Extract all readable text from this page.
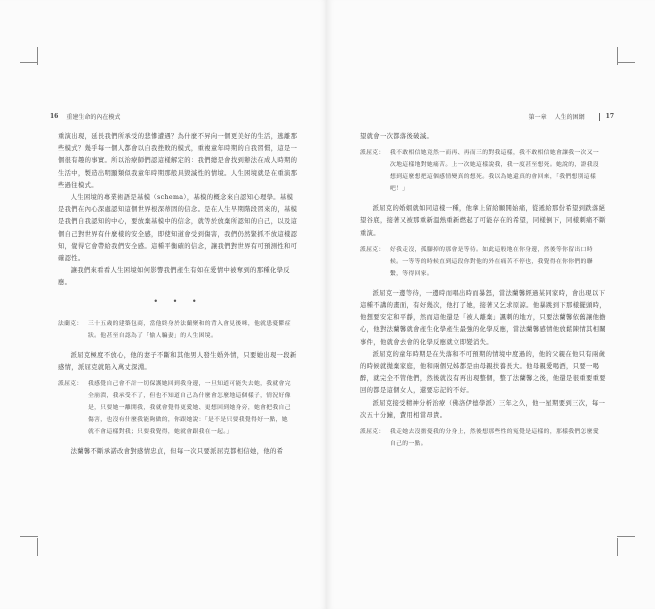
16 重建生命的內在模式

重演出現，延長我們所承受的悲慘遭遇？為什麼不昇向一個更美好的生活，逃離那些模式？幾乎每一個人都會以自我挫敗的模式，重複童年時期的自我習慣，這是一個很有趣的事實。所以治療師們認這樣解定的：我們總是會找到辦法在成人時期的生活中，製造出明顯類似我童年時期那般具毀滅性的情境。人生困境就是在重演那些過往模式。

人生困境的專業術語是基模（schema），基模的概念來自認知心理學。基模是我們在內心深處認知這個世界根深蒂固的信念。是在人生早期階段習來的，基模是我們自我認知的中心，要放棄基模中的信念，就等於放棄所認知的自己，以及這個自己對世界有什麼樣的安全感，即使知道會受到傷害，我們仍然緊抓不放這樣認知，覺得它會帶給我們安全感。這種平衡確的信念，讓我們對世界有可預測性和可確認性。

讓我們來看看人生困境如何影響我們產生有如在愛情中被奪到的那種化學反應。

• • •
法蘭克： 三十五歲的建築包商，當他終身於法蘭聚和的背入會見後咪，他就患憂鬱症狀。他甚至自認為了「愉人騙妻」的人生困境。

派屈克極度不放心，他的妻子不斷和其他男人發生婚外情，只要她出現一段新感情，派屈克就陷入萬丈深淵。

派屈克： 我感覺自己會不計一切保護她回到我身邊，一旦知道可能失去她，我就會完全崩潰，我承受不了，但也不知道自己為什麼會怎麼地這個樣子，情況好像是，只要她一離開我，我就會覺得更愛她、更想回到她身旁，她會把我自己傷害，也沒有什麼我能夠做的，你跟她說：「是不是只要我覺得好一點，她就不會這樣對我；只要我覺得，她就會跟我在一起。」

法蘭馨不斷承諾改會對感情忠貞，但每一次只要派屈克都相信她，他的希

第一章 人生的困網	17

望就會一次都落後破滅。

派屈克： 我不敢相信她竟然一而再、再而三的對我這樣，我不敢相信她會讓我一次又一次地這樣地對她痛苦。上一次她這樣說我，我一度甚至想死。她說的，證我沒想到這麼想把這個感情變真的想死。我以為她還真的會回來，「我們想別這樣吧！」

派屈克的婚姻就如同這樣一種，他拿上留給願開始痛，從遞給那份希望到跌落絕望谷底，接著又被那重新溫熱重新燃起了可能存在的希望，同樣倒下，同樣刺痛不斷重演。

派屈克： 好我走沒，孤腳掉的那會是等待。如此這般地在你身邊，然後等你留出口時候。一等等的時候直到這段你對他的外在痛苦不停也，我覺得在你你們的聯繫，等得回家。

派屈克一邊等待，一邊時而唱出時而暴怒，當法蘭馨經過某同家時，會出現以下這種不講的畫面，有好幾次，他打了她，接著又乞求原諒。他暴跳到下那樣擺頭時，他想要安定和平靜，然而這他還是「被人離棄」諷刺的地方，只要法蘭馨依舊讓他擔心，他對法蘭馨就會產生化學產生最強的化學反應，當法蘭馨感情他放鬆陳情其相關事件，他就會去會的化學反應就立即變消失。

派屈克的童年時期是在失落和不可預期的情境中度過的，他的父親在他只有兩歲的時候就拋棄家庭，他和兩個兄姊都是由母親扶養長大。他母親愛喝酒，只要一喝醉，就完全不管他們，然後就沒有再出現整個，整了法蘭馨之後，他還是很重要重要回的都是這個女人，還要忘記的不好。

派屈克接受精神分析治療（佛洛伊德學派）三年之久，他一星期要到三次，每一次五十分鐘，費用相當昂貴。

派屈克： 我走她去沒擔憂我的分身上，然後想那些性的冤覺是這樣的，那樣我們怎麼愛自己的一點。
